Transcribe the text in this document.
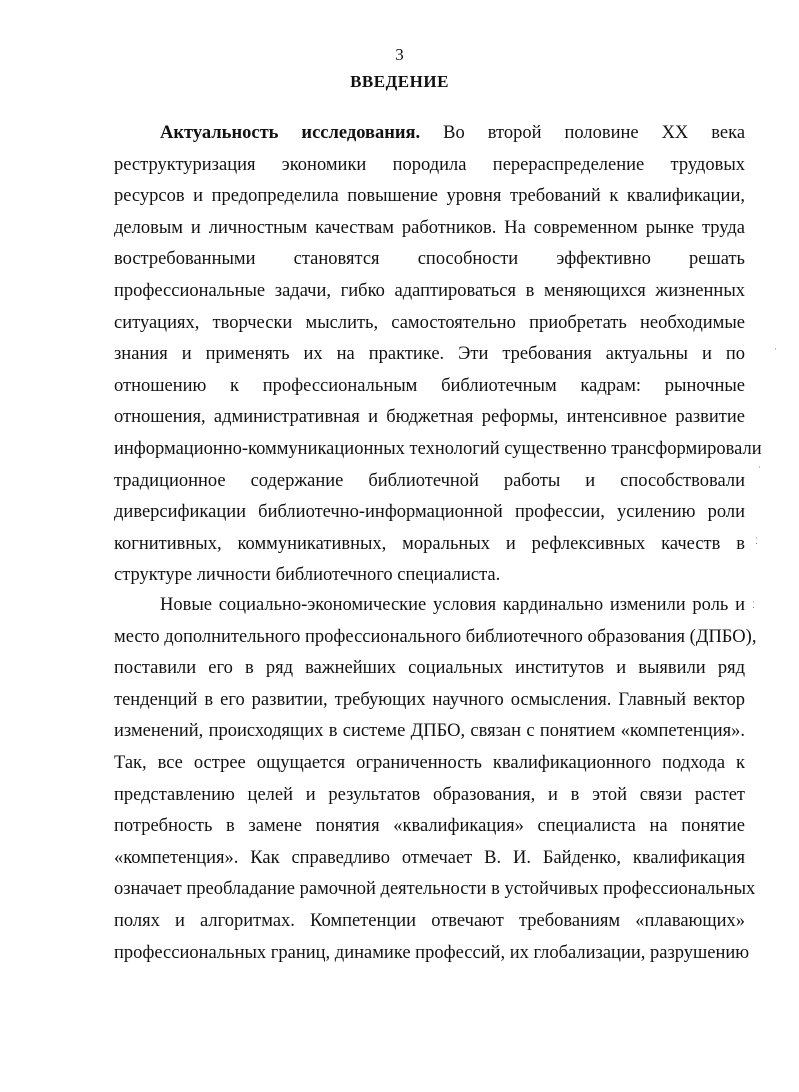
3
ВВЕДЕНИЕ
Актуальность исследования. Во второй половине XX века
реструктуризация экономики породила перераспределение трудовых
ресурсов и предопределила повышение уровня требований к квалификации,
деловым и личностным качествам работников. На современном рынке труда
востребованными становятся способности эффективно решать
профессиональные задачи, гибко адаптироваться в меняющихся жизненных
ситуациях, творчески мыслить, самостоятельно приобретать необходимые
знания и применять их на практике. Эти требования актуальны и по
отношению к профессиональным библиотечным кадрам: рыночные
отношения, административная и бюджетная реформы, интенсивное развитие
информационно-коммуникационных технологий существенно трансформировали
традиционное содержание библиотечной работы и способствовали
диверсификации библиотечно-информационной профессии, усилению роли
когнитивных, коммуникативных, моральных и рефлексивных качеств в
структуре личности библиотечного специалиста.
Новые социально-экономические условия кардинально изменили роль и
место дополнительного профессионального библиотечного образования (ДПБО),
поставили его в ряд важнейших социальных институтов и выявили ряд
тенденций в его развитии, требующих научного осмысления. Главный вектор
изменений, происходящих в системе ДПБО, связан с понятием «компетенция».
Так, все острее ощущается ограниченность квалификационного подхода к
представлению целей и результатов образования, и в этой связи растет
потребность в замене понятия «квалификация» специалиста на понятие
«компетенция». Как справедливо отмечает В. И. Байденко, квалификация
означает преобладание рамочной деятельности в устойчивых профессиональных
полях и алгоритмах. Компетенции отвечают требованиям «плавающих»
профессиональных границ, динамике профессий, их глобализации, разрушению
·
·
⁚
⁚
